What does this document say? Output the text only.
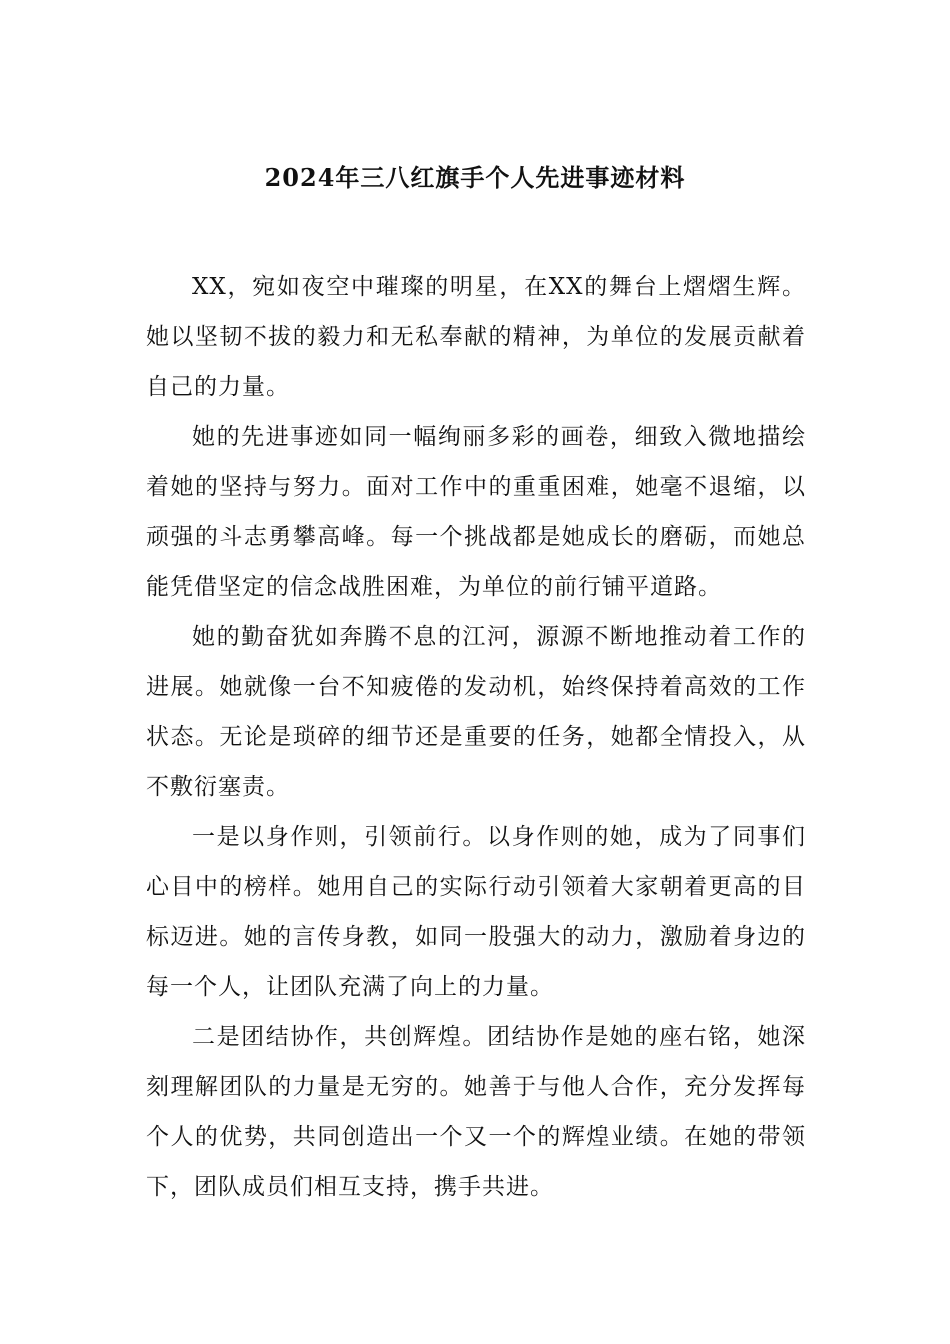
2024年三八红旗手个人先进事迹材料

XX，宛如夜空中璀璨的明星，在XX的舞台上熠熠生辉。她以坚韧不拔的毅力和无私奉献的精神，为单位的发展贡献着自己的力量。

她的先进事迹如同一幅绚丽多彩的画卷，细致入微地描绘着她的坚持与努力。面对工作中的重重困难，她毫不退缩，以顽强的斗志勇攀高峰。每一个挑战都是她成长的磨砺，而她总能凭借坚定的信念战胜困难，为单位的前行铺平道路。

她的勤奋犹如奔腾不息的江河，源源不断地推动着工作的进展。她就像一台不知疲倦的发动机，始终保持着高效的工作状态。无论是琐碎的细节还是重要的任务，她都全情投入，从不敷衍塞责。

一是以身作则，引领前行。以身作则的她，成为了同事们心目中的榜样。她用自己的实际行动引领着大家朝着更高的目标迈进。她的言传身教，如同一股强大的动力，激励着身边的每一个人，让团队充满了向上的力量。

二是团结协作，共创辉煌。团结协作是她的座右铭，她深刻理解团队的力量是无穷的。她善于与他人合作，充分发挥每个人的优势，共同创造出一个又一个的辉煌业绩。在她的带领下，团队成员们相互支持，携手共进。
